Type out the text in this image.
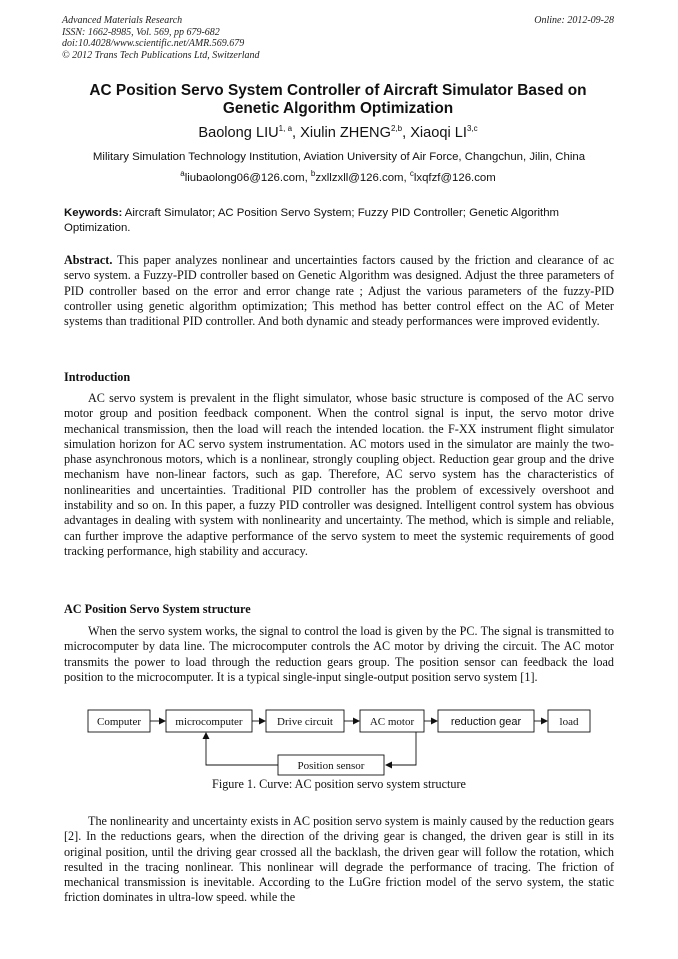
Advanced Materials Research
ISSN: 1662-8985, Vol. 569, pp 679-682
doi:10.4028/www.scientific.net/AMR.569.679
© 2012 Trans Tech Publications Ltd, Switzerland
Online: 2012-09-28
AC Position Servo System Controller of Aircraft Simulator Based on
Genetic Algorithm Optimization
Baolong LIU$^{1, a}$, Xiulin ZHENG$^{2,b}$, Xiaoqi LI$^{3,c}$
Military Simulation Technology Institution, Aviation University of Air Force, Changchun, Jilin, China
$^a$liubaolong06@126.com, $^b$zxllzxll@126.com, $^c$lxqfzf@126.com
Keywords: Aircraft Simulator; AC Position Servo System; Fuzzy PID Controller; Genetic Algorithm Optimization.
Abstract. This paper analyzes nonlinear and uncertainties factors caused by the friction and clearance of ac servo system. a Fuzzy-PID controller based on Genetic Algorithm was designed. Adjust the three parameters of PID controller based on the error and error change rate ; Adjust the various parameters of the fuzzy-PID controller using genetic algorithm optimization; This method has better control effect on the AC of Meter systems than traditional PID controller. And both dynamic and steady performances were improved evidently.
Introduction
AC servo system is prevalent in the flight simulator, whose basic structure is composed of the AC servo motor group and position feedback component. When the control signal is input, the servo motor drive mechanical transmission, then the load will reach the intended location. the F-XX instrument flight simulator simulation horizon for AC servo system instrumentation. AC motors used in the simulator are mainly the two-phase asynchronous motors, which is a nonlinear, strongly coupling object. Reduction gear group and the drive mechanism have non-linear factors, such as gap. Therefore, AC servo system has the characteristics of nonlinearities and uncertainties. Traditional PID controller has the problem of excessively overshoot and instability and so on. In this paper, a fuzzy PID controller was designed. Intelligent control system has obvious advantages in dealing with system with nonlinearity and uncertainty. The method, which is simple and reliable, can further improve the adaptive performance of the servo system to meet the systemic requirements of good tracking performance, high stability and accuracy.
AC Position Servo System structure
When the servo system works, the signal to control the load is given by the PC. The signal is transmitted to microcomputer by data line. The microcomputer controls the AC motor by driving the circuit. The AC motor transmits the power to load through the reduction gears group. The position sensor can feedback the load position to the microcomputer. It is a typical single-input single-output position servo system [1].
Computer	microcomputer	Drive circuit	AC motor	reduction gear	load
Position sensor
Figure 1. Curve: AC position servo system structure
The nonlinearity and uncertainty exists in AC position servo system is mainly caused by the reduction gears [2]. In the reductions gears, when the direction of the driving gear is changed, the driven gear is still in its original position, until the driving gear crossed all the backlash, the driven gear will follow the rotation, which resulted in the tracing nonlinear. This nonlinear will degrade the performance of tracing. The friction of mechanical transmission is inevitable. According to the LuGre friction model of the servo system, the static friction dominates in ultra-low speed. while the
